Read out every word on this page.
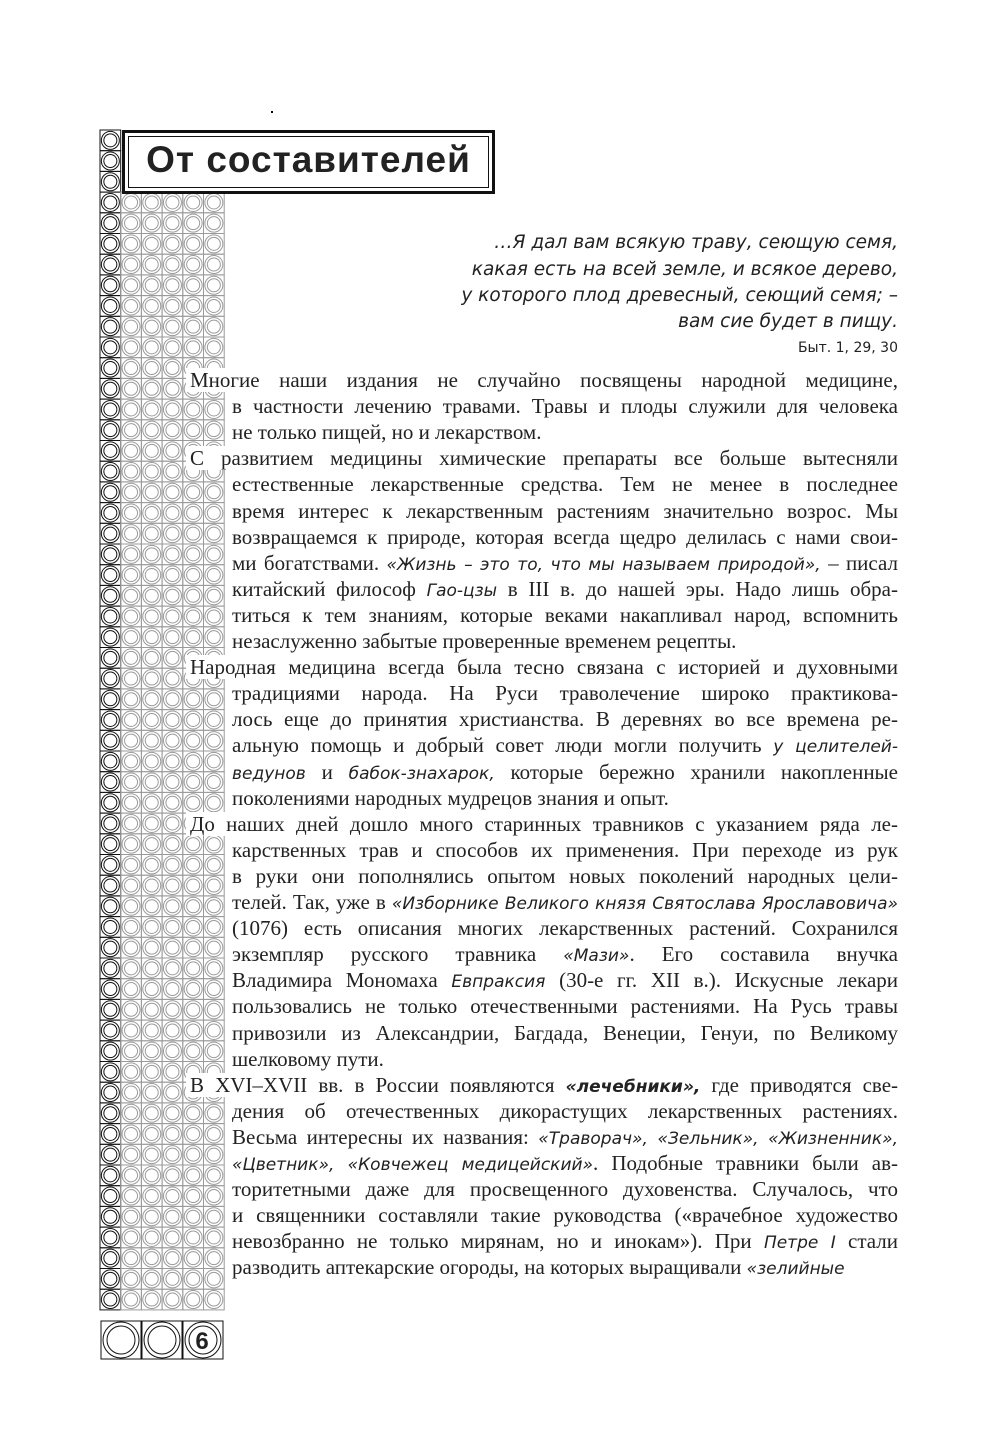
От составителей
…Я дал вам всякую траву, сеющую семя,
какая есть на всей земле, и всякое дерево,
у которого плод древесный, сеющий семя; –
вам сие будет в пищу.
Быт. 1, 29, 30
Многие наши издания не случайно посвящены народной медицине,
в частности лечению травами. Травы и плоды служили для человека
не только пищей, но и лекарством.
С развитием медицины химические препараты все больше вытесняли
естественные лекарственные средства. Тем не менее в последнее
время интерес к лекарственным растениям значительно возрос. Мы
возвращаемся к природе, которая всегда щедро делилась с нами свои-
ми богатствами. «Жизнь – это то, что мы называем природой», – писал
китайский философ Гао-цзы в III в. до нашей эры. Надо лишь обра-
титься к тем знаниям, которые веками накапливал народ, вспомнить
незаслуженно забытые проверенные временем рецепты.
Народная медицина всегда была тесно связана с историей и духовными
традициями народа. На Руси траволечение широко практикова-
лось еще до принятия христианства. В деревнях во все времена ре-
альную помощь и добрый совет люди могли получить у целителей-
ведунов и бабок-знахарок, которые бережно хранили накопленные
поколениями народных мудрецов знания и опыт.
До наших дней дошло много старинных травников с указанием ряда ле-
карственных трав и способов их применения. При переходе из рук
в руки они пополнялись опытом новых поколений народных цели-
телей. Так, уже в «Изборнике Великого князя Святослава Ярославовича»
(1076) есть описания многих лекарственных растений. Сохранился
экземпляр русского травника «Мази». Его составила внучка
Владимира Мономаха Евпраксия (30-е гг. XII в.). Искусные лекари
пользовались не только отечественными растениями. На Русь травы
привозили из Александрии, Багдада, Венеции, Генуи, по Великому
шелковому пути.
В XVI–XVII вв. в России появляются «лечебники», где приводятся све-
дения об отечественных дикорастущих лекарственных растениях.
Весьма интересны их названия: «Траворач», «Зельник», «Жизненник»,
«Цветник», «Ковчежец медицейский». Подобные травники были ав-
торитетными даже для просвещенного духовенства. Случалось, что
и священники составляли такие руководства («врачебное художество
невозбранно не только мирянам, но и инокам»). При Петре I стали
разводить аптекарские огороды, на которых выращивали «зелийные
6
